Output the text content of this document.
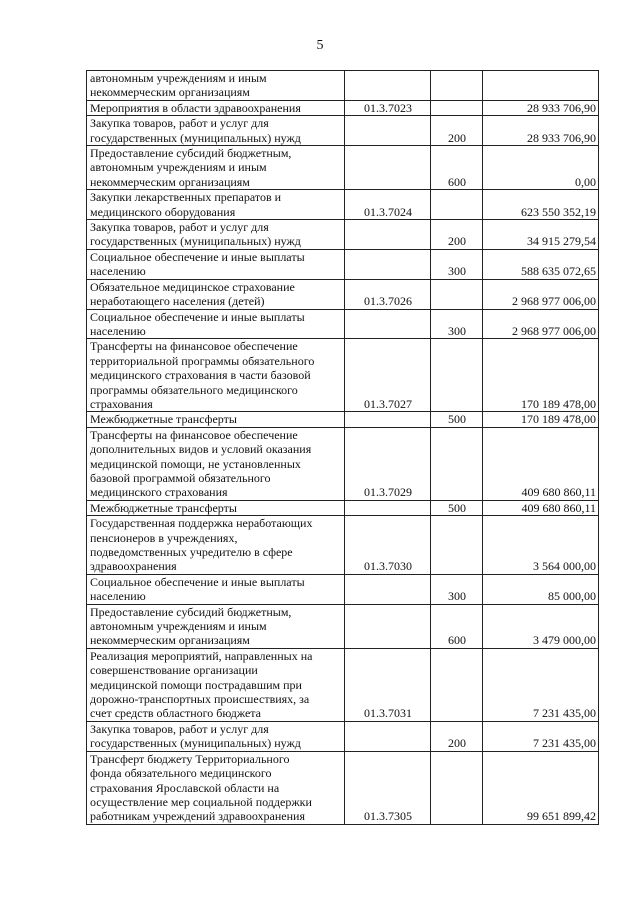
5
автономным учреждениям и иным
некоммерческим организациям			
Мероприятия в области здравоохранения	01.3.7023		28 933 706,90
Закупка товаров, работ и услуг для
государственных (муниципальных) нужд		200	28 933 706,90
Предоставление субсидий бюджетным,
автономным учреждениям и иным
некоммерческим организациям		600	0,00
Закупки лекарственных препаратов и
медицинского оборудования	01.3.7024		623 550 352,19
Закупка товаров, работ и услуг для
государственных (муниципальных) нужд		200	34 915 279,54
Социальное обеспечение и иные выплаты
населению		300	588 635 072,65
Обязательное медицинское страхование
неработающего населения (детей)	01.3.7026		2 968 977 006,00
Социальное обеспечение и иные выплаты
населению		300	2 968 977 006,00
Трансферты на финансовое обеспечение
территориальной программы обязательного
медицинского страхования в части базовой
программы обязательного медицинского
страхования	01.3.7027		170 189 478,00
Межбюджетные трансферты		500	170 189 478,00
Трансферты на финансовое обеспечение
дополнительных видов и условий оказания
медицинской помощи, не установленных
базовой программой обязательного
медицинского страхования	01.3.7029		409 680 860,11
Межбюджетные трансферты		500	409 680 860,11
Государственная поддержка неработающих
пенсионеров в учреждениях,
подведомственных учредителю в сфере
здравоохранения	01.3.7030		3 564 000,00
Социальное обеспечение и иные выплаты
населению		300	85 000,00
Предоставление субсидий бюджетным,
автономным учреждениям и иным
некоммерческим организациям		600	3 479 000,00
Реализация мероприятий, направленных на
совершенствование организации
медицинской помощи пострадавшим при
дорожно-транспортных происшествиях, за
счет средств областного бюджета	01.3.7031		7 231 435,00
Закупка товаров, работ и услуг для
государственных (муниципальных) нужд		200	7 231 435,00
Трансферт бюджету Территориального
фонда обязательного медицинского
страхования Ярославской области на
осуществление мер социальной поддержки
работникам учреждений здравоохранения	01.3.7305		99 651 899,42
